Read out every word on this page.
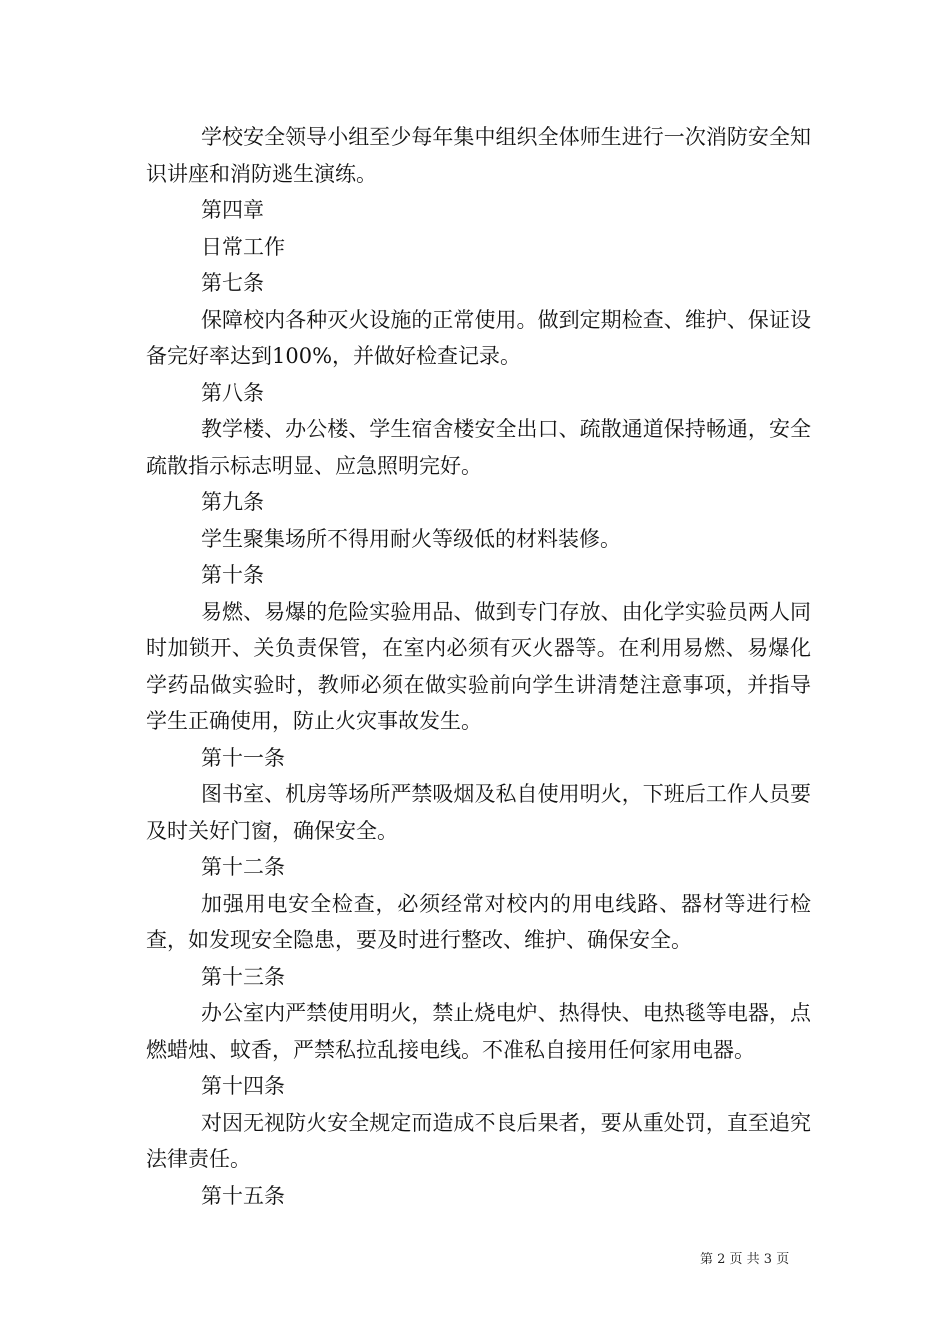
学校安全领导小组至少每年集中组织全体师生进行一次消防安全知识讲座和消防逃生演练。

第四章

日常工作

第七条

保障校内各种灭火设施的正常使用。做到定期检查、维护、保证设备完好率达到100%，并做好检查记录。

第八条

教学楼、办公楼、学生宿舍楼安全出口、疏散通道保持畅通，安全疏散指示标志明显、应急照明完好。

第九条

学生聚集场所不得用耐火等级低的材料装修。

第十条

易燃、易爆的危险实验用品、做到专门存放、由化学实验员两人同时加锁开、关负责保管，在室内必须有灭火器等。在利用易燃、易爆化学药品做实验时，教师必须在做实验前向学生讲清楚注意事项，并指导学生正确使用，防止火灾事故发生。

第十一条

图书室、机房等场所严禁吸烟及私自使用明火，下班后工作人员要及时关好门窗，确保安全。

第十二条

加强用电安全检查，必须经常对校内的用电线路、器材等进行检查，如发现安全隐患，要及时进行整改、维护、确保安全。

第十三条

办公室内严禁使用明火，禁止烧电炉、热得快、电热毯等电器，点燃蜡烛、蚊香，严禁私拉乱接电线。不准私自接用任何家用电器。

第十四条

对因无视防火安全规定而造成不良后果者，要从重处罚，直至追究法律责任。

第十五条

第 2 页 共 3 页
